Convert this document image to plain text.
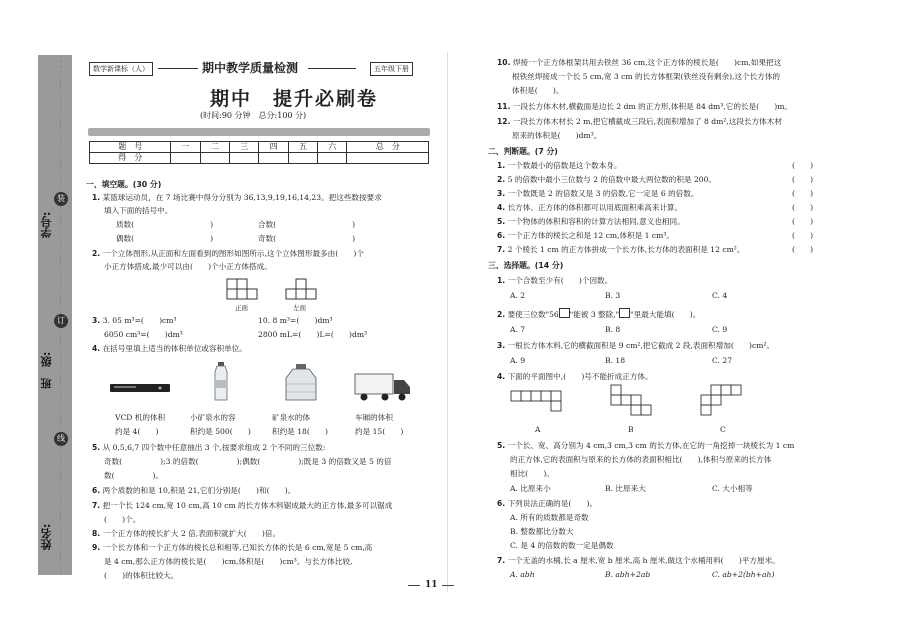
装
订
线
学号:
班　级:
姓名:
数学新课标（人）	期中教学质量检测	五年级下册
期中　提升必刷卷
(时间:90 分钟　总分:100 分)
题　号	一	二	三	四	五	六	总　分
得　分							
一、填空题。(30 分)
1. 某篮球运动员，在 7 场比赛中得分分别为 36,13,9,19,16,14,23。把这些数按要求
填入下面的括号中。
质数(　　　　　　　　　　)	合数(　　　　　　　　　　)
偶数(　　　　　　　　　　)	奇数(　　　　　　　　　　)
2. 一个立体图形,从正面和左面看到的图形如图所示,这个立体图形最多由(　　)个
小正方体搭成,最少可以由(　　)个小正方体搭成。
正面	左面
3. 3. 05 m³=(　　)cm³	10. 8 m³=(　　)dm³
6050 cm³=(　　)dm³	2800 mL=(　　)L=(　　)dm³
4. 在括号里填上适当的体积单位或容积单位。
VCD 机的体积
约是 4(　　)
小矿泉水的容
积约是 500(　　)
矿泉水的体
积约是 18(　　)
车厢的体积
约是 15(　　)
5. 从 0,5,6,7 四个数中任意抽出 3 个,按要求组成 2 个不同的三位数:
奇数(　　　　　);3 的倍数(　　　　　);偶数(　　　　　);既是 3 的倍数又是 5 的倍
数(　　　　　)。
6. 两个质数的和是 10,积是 21,它们分别是(　　)和(　　)。
7. 把一个长 124 cm,宽 10 cm,高 10 cm 的长方体木料锯成最大的正方体,最多可以锯成
(　　)个。
8. 一个正方体的棱长扩大 2 倍,表面积就扩大(　　)倍。
9. 一个长方体和一个正方体的棱长总和相等,已知长方体的长是 6 cm,宽是 5 cm,高
是 4 cm,那么正方体的棱长是(　　)cm,体积是(　　)cm³。与长方体比较,
(　　)的体积比较大。
11
10. 焊接一个正方体框架共用去铁丝 36 cm,这个正方体的棱长是(　　)cm,如果把这
根铁丝焊接成一个长 5 cm,宽 3 cm 的长方体框架(铁丝没有剩余),这个长方体的
体积是(　　)。
11. 一段长方体木材,横截面是边长 2 dm 的正方形,体积是 84 dm³,它的长是(　　)m。
12. 一段长方体木材长 2 m,把它横截成三段后,表面积增加了 8 dm²,这段长方体木材
原来的体积是(　　)dm³。
二、判断题。(7 分)
1. 一个数最小的倍数是这个数本身。	(　　)
2. 5 的倍数中最小三位数与 2 的倍数中最大两位数的积是 200。	(　　)
3. 一个数既是 2 的倍数又是 3 的倍数,它一定是 6 的倍数。	(　　)
4. 长方体、正方体的体积都可以用底面积乘高来计算。	(　　)
5. 一个物体的体积和容积的计算方法相同,意义也相同。	(　　)
6. 一个正方体的棱长之和是 12 cm,体积是 1 cm³。	(　　)
7. 2 个棱长 1 cm 的正方体拼成一个长方体,长方体的表面积是 12 cm²。	(　　)
三、选择题。(14 分)
1. 一个合数至少有(　　)个因数。
A. 2	B. 3	C. 4
2. 要使三位数"56 "能被 3 整除," "里最大能填(　　)。
A. 7	B. 8	C. 9
3. 一根长方体木料,它的横截面积是 9 cm²,把它截成 2 段,表面积增加(　　)cm²。
A. 9	B. 18	C. 27
4. 下面的平面图中,(　　)号不能折成正方体。
A	B	C
5. 一个长、宽、高分别为 4 cm,3 cm,3 cm 的长方体,在它的一角挖掉一块棱长为 1 cm
的正方体,它的表面积与原来的长方体的表面积相比(　　),体积与原来的长方体
相比(　　)。
A. 比原来小	B. 比原来大	C. 大小相等
6. 下列说法正确的是(　　)。
A. 所有的质数都是奇数
B. 整数都比分数大
C. 是 4 的倍数的数一定是偶数
7. 一个无盖的水桶,长 a 厘米,宽 b 厘米,高 h 厘米,做这个水桶用料(　　)平方厘米。
A. abh	B. abh+2ab	C. ab+2(bh+ah)
